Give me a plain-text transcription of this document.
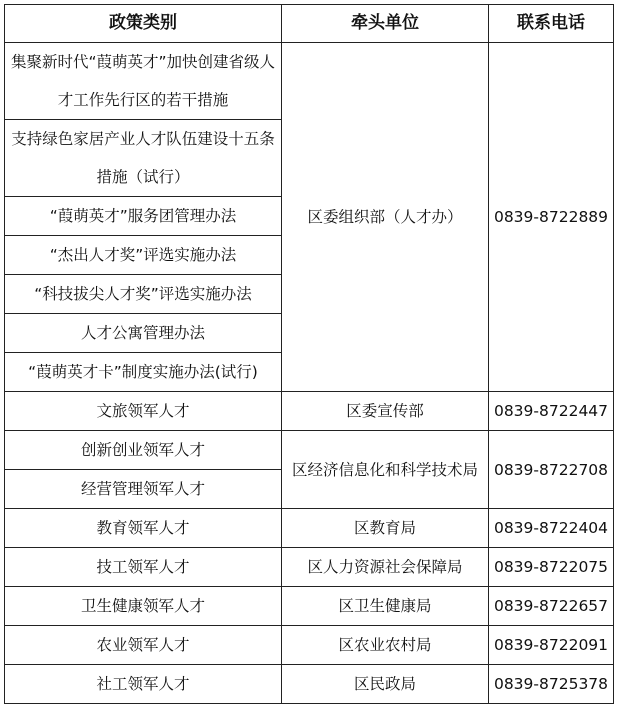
政策类别	牵头单位	联系电话
集聚新时代“葭萌英才”加快创建省级人才工作先行区的若干措施	区委组织部（人才办）	0839-8722889
支持绿色家居产业人才队伍建设十五条措施（试行）		
“葭萌英才”服务团管理办法		
“杰出人才奖”评选实施办法		
“科技拔尖人才奖”评选实施办法		
人才公寓管理办法		
“葭萌英才卡”制度实施办法(试行)		
文旅领军人才	区委宣传部	0839-8722447
创新创业领军人才	区经济信息化和科学技术局	0839-8722708
经营管理领军人才		
教育领军人才	区教育局	0839-8722404
技工领军人才	区人力资源社会保障局	0839-8722075
卫生健康领军人才	区卫生健康局	0839-8722657
农业领军人才	区农业农村局	0839-8722091
社工领军人才	区民政局	0839-8725378
